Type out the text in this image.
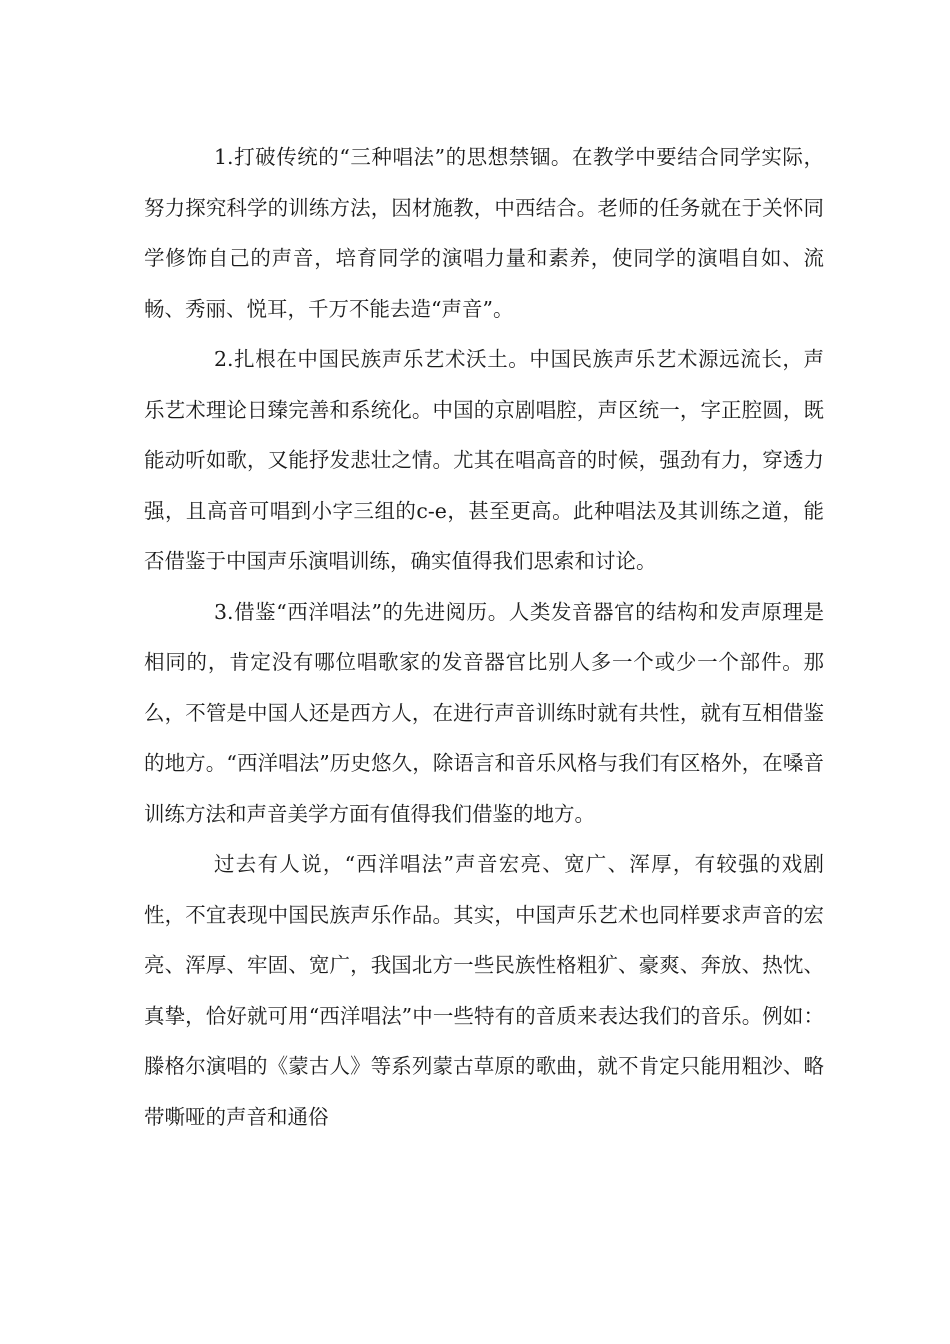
1.打破传统的“三种唱法”的思想禁锢。在教学中要结合同学实际，努力探究科学的训练方法，因材施教，中西结合。老师的任务就在于关怀同学修饰自己的声音，培育同学的演唱力量和素养，使同学的演唱自如、流畅、秀丽、悦耳，千万不能去造“声音”。

2.扎根在中国民族声乐艺术沃土。中国民族声乐艺术源远流长，声乐艺术理论日臻完善和系统化。中国的京剧唱腔，声区统一，字正腔圆，既能动听如歌，又能抒发悲壮之情。尤其在唱高音的时候，强劲有力，穿透力强，且高音可唱到小字三组的c-e，甚至更高。此种唱法及其训练之道，能否借鉴于中国声乐演唱训练，确实值得我们思索和讨论。

3.借鉴“西洋唱法”的先进阅历。人类发音器官的结构和发声原理是相同的，肯定没有哪位唱歌家的发音器官比别人多一个或少一个部件。那么，不管是中国人还是西方人，在进行声音训练时就有共性，就有互相借鉴的地方。“西洋唱法”历史悠久，除语言和音乐风格与我们有区格外，在嗓音训练方法和声音美学方面有值得我们借鉴的地方。

过去有人说，“西洋唱法”声音宏亮、宽广、浑厚，有较强的戏剧性，不宜表现中国民族声乐作品。其实，中国声乐艺术也同样要求声音的宏亮、浑厚、牢固、宽广，我国北方一些民族性格粗犷、豪爽、奔放、热忱、真挚，恰好就可用“西洋唱法”中一些特有的音质来表达我们的音乐。例如：滕格尔演唱的《蒙古人》等系列蒙古草原的歌曲，就不肯定只能用粗沙、略带嘶哑的声音和通俗
